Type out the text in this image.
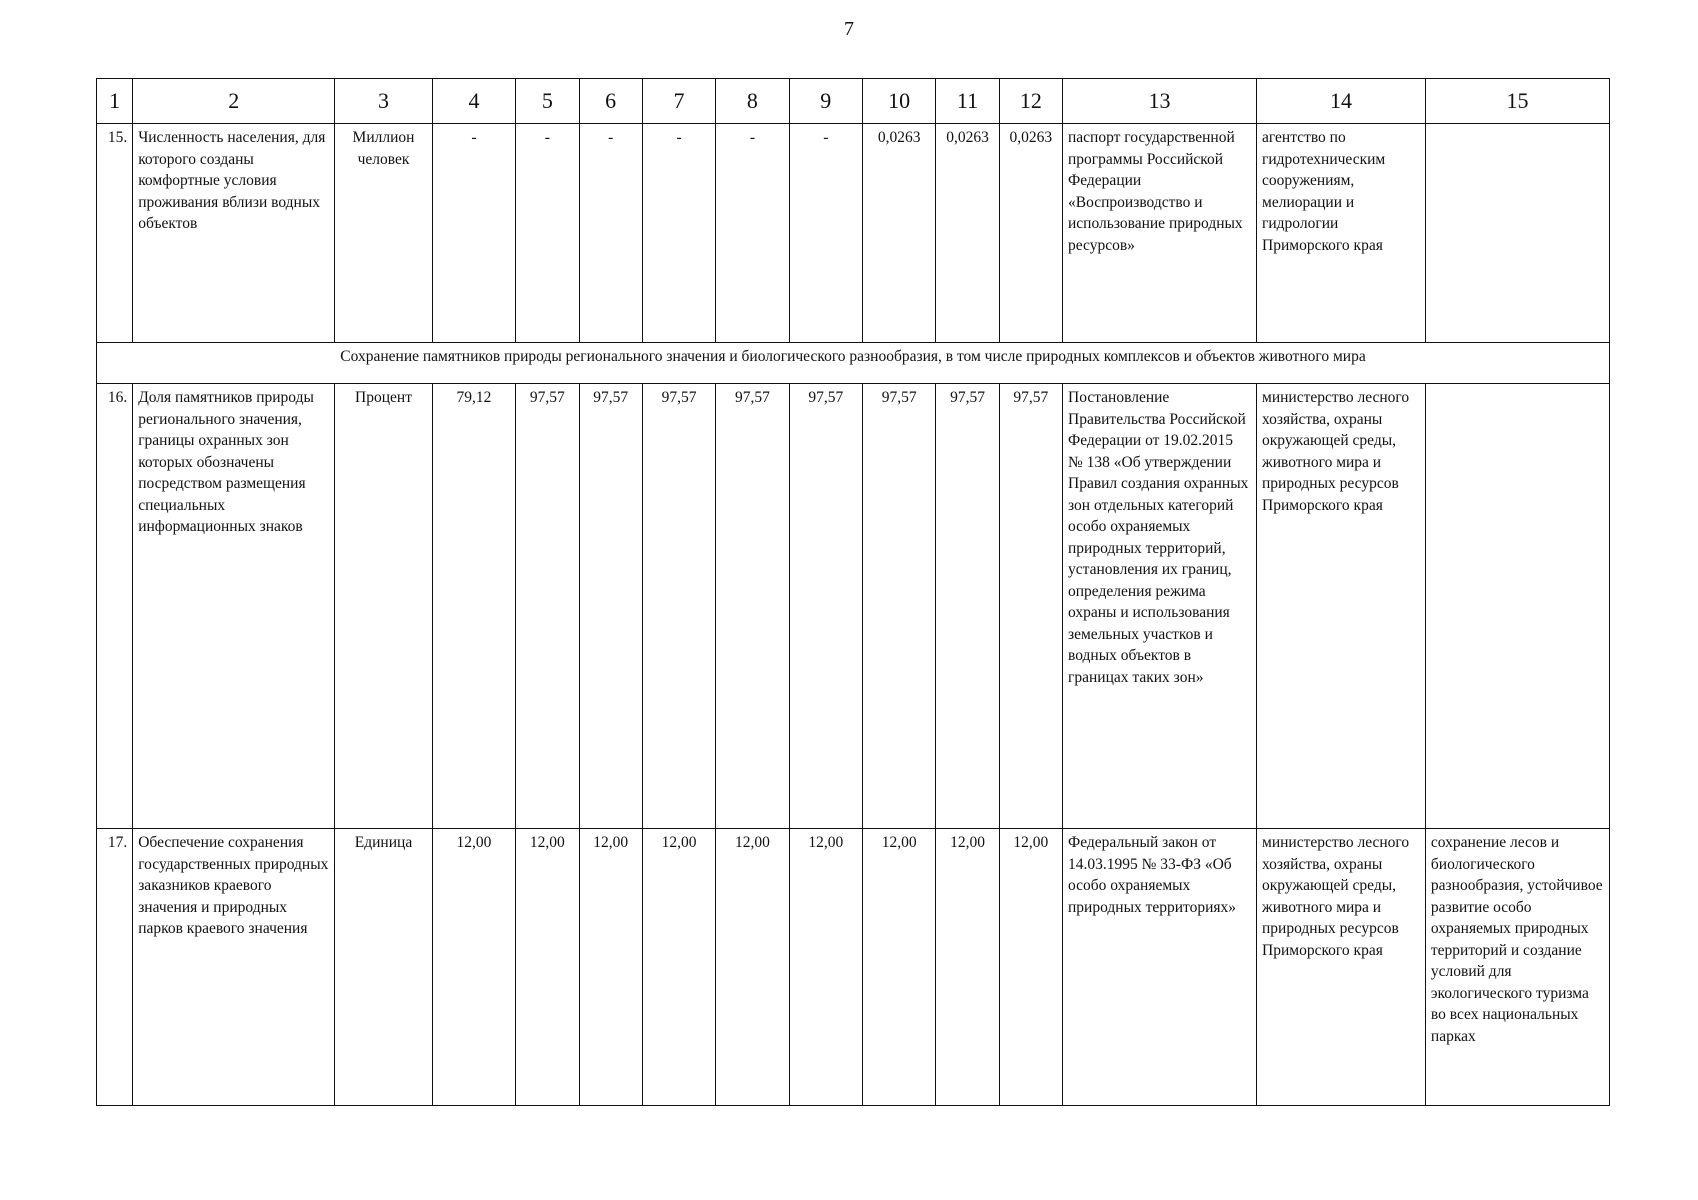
7
1	2	3	4	5	6	7	8	9	10	11	12	13	14	15
15.	Численность населения, для которого созданы комфортные условия проживания вблизи водных объектов	Миллион человек	-	-	-	-	-	-	0,0263	0,0263	0,0263	паспорт государственной программы Российской Федерации «Воспроизводство и использование природных ресурсов»	агентство по гидротехническим сооружениям, мелиорации и гидрологии Приморского края	
Сохранение памятников природы регионального значения и биологического разнообразия, в том числе природных комплексов и объектов животного мира														
16.	Доля памятников природы регионального значения, границы охранных зон которых обозначены посредством размещения специальных информационных знаков	Процент	79,12	97,57	97,57	97,57	97,57	97,57	97,57	97,57	97,57	Постановление Правительства Российской Федерации от 19.02.2015 № 138 «Об утверждении Правил создания охранных зон отдельных категорий особо охраняемых природных территорий, установления их границ, определения режима охраны и использования земельных участков и водных объектов в границах таких зон»	министерство лесного хозяйства, охраны окружающей среды, животного мира и природных ресурсов Приморского края	
17.	Обеспечение сохранения государственных природных заказников краевого значения и природных парков краевого значения	Единица	12,00	12,00	12,00	12,00	12,00	12,00	12,00	12,00	12,00	Федеральный закон от 14.03.1995 № 33-ФЗ «Об особо охраняемых природных территориях»	министерство лесного хозяйства, охраны окружающей среды, животного мира и природных ресурсов Приморского края	сохранение лесов и биологического разнообразия, устойчивое развитие особо охраняемых природных территорий и создание условий для экологического туризма во всех национальных парках
